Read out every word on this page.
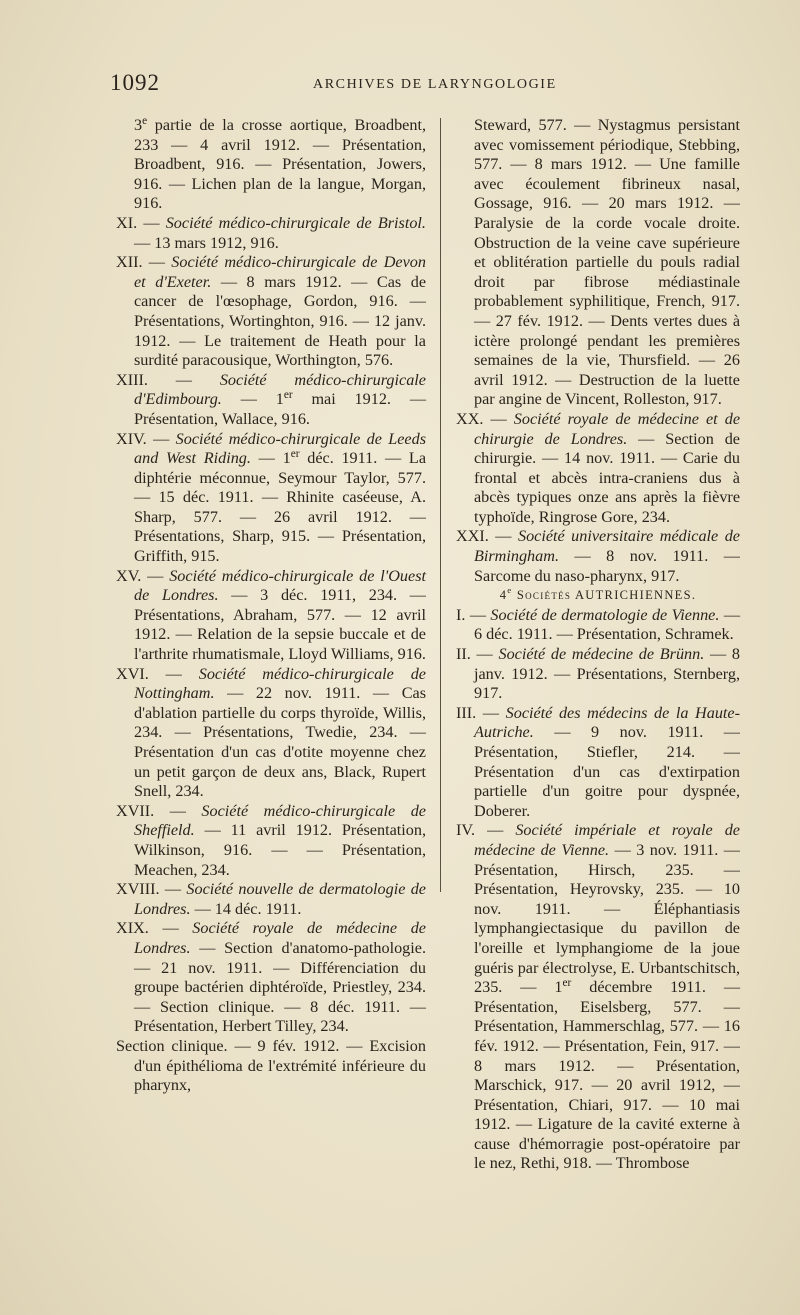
1092	ARCHIVES DE LARYNGOLOGIE

3e partie de la crosse aortique, Broadbent, 233 — 4 avril 1912. — Présentation, Broadbent, 916. — Présentation, Jowers, 916. — Lichen plan de la langue, Morgan, 916.

XI. — Société médico-chirurgicale de Bristol. — 13 mars 1912, 916.

XII. — Société médico-chirurgicale de Devon et d'Exeter. — 8 mars 1912. — Cas de cancer de l'œsophage, Gordon, 916. — Présentations, Wortinghton, 916. — 12 janv. 1912. — Le traitement de Heath pour la surdité paracousique, Worthington, 576.

XIII. — Société médico-chirurgicale d'Edimbourg. — 1er mai 1912. — Présentation, Wallace, 916.

XIV. — Société médico-chirurgicale de Leeds and West Riding. — 1er déc. 1911. — La diphtérie méconnue, Seymour Taylor, 577. — 15 déc. 1911. — Rhinite caséeuse, A. Sharp, 577. — 26 avril 1912. — Présentations, Sharp, 915. — Présentation, Griffith, 915.

XV. — Société médico-chirurgicale de l'Ouest de Londres. — 3 déc. 1911, 234. — Présentations, Abraham, 577. — 12 avril 1912. — Relation de la sepsie buccale et de l'arthrite rhumatismale, Lloyd Williams, 916.

XVI. — Société médico-chirurgicale de Nottingham. — 22 nov. 1911. — Cas d'ablation partielle du corps thyroïde, Willis, 234. — Présentations, Twedie, 234. — Présentation d'un cas d'otite moyenne chez un petit garçon de deux ans, Black, Rupert Snell, 234.

XVII. — Société médico-chirurgicale de Sheffield. — 11 avril 1912. Présentation, Wilkinson, 916. — — Présentation, Meachen, 234.

XVIII. — Société nouvelle de dermatologie de Londres. — 14 déc. 1911.

XIX. — Société royale de médecine de Londres. — Section d'anatomo-pathologie. — 21 nov. 1911. — Différenciation du groupe bactérien diphtéroïde, Priestley, 234. — Section clinique. — 8 déc. 1911. — Présentation, Herbert Tilley, 234.

Section clinique. — 9 fév. 1912. — Excision d'un épithélioma de l'extrémité inférieure du pharynx,

Steward, 577. — Nystagmus persistant avec vomissement périodique, Stebbing, 577. — 8 mars 1912. — Une famille avec écoulement fibrineux nasal, Gossage, 916. — 20 mars 1912. — Paralysie de la corde vocale droite. Obstruction de la veine cave supérieure et oblitération partielle du pouls radial droit par fibrose médiastinale probablement syphilitique, French, 917. — 27 fév. 1912. — Dents vertes dues à ictère prolongé pendant les premières semaines de la vie, Thursfield. — 26 avril 1912. — Destruction de la luette par angine de Vincent, Rolleston, 917.

XX. — Société royale de médecine et de chirurgie de Londres. — Section de chirurgie. — 14 nov. 1911. — Carie du frontal et abcès intra-craniens dus à abcès typiques onze ans après la fièvre typhoïde, Ringrose Gore, 234.

XXI. — Société universitaire médicale de Birmingham. — 8 nov. 1911. — Sarcome du naso-pharynx, 917.

4e Sociétés AUTRICHIENNES.

I. — Société de dermatologie de Vienne. — 6 déc. 1911. — Présentation, Schramek.

II. — Société de médecine de Brünn. — 8 janv. 1912. — Présentations, Sternberg, 917.

III. — Société des médecins de la Haute-Autriche. — 9 nov. 1911. — Présentation, Stiefler, 214. — Présentation d'un cas d'extirpation partielle d'un goitre pour dyspnée, Doberer.

IV. — Société impériale et royale de médecine de Vienne. — 3 nov. 1911. — Présentation, Hirsch, 235. — Présentation, Heyrovsky, 235. — 10 nov. 1911. — Éléphantiasis lymphangiectasique du pavillon de l'oreille et lymphangiome de la joue guéris par électrolyse, E. Urbantschitsch, 235. — 1er décembre 1911. — Présentation, Eiselsberg, 577. — Présentation, Hammerschlag, 577. — 16 fév. 1912. — Présentation, Fein, 917. — 8 mars 1912. — Présentation, Marschick, 917. — 20 avril 1912, — Présentation, Chiari, 917. — 10 mai 1912. — Ligature de la cavité externe à cause d'hémorragie post-opératoire par le nez, Rethi, 918. — Thrombose
